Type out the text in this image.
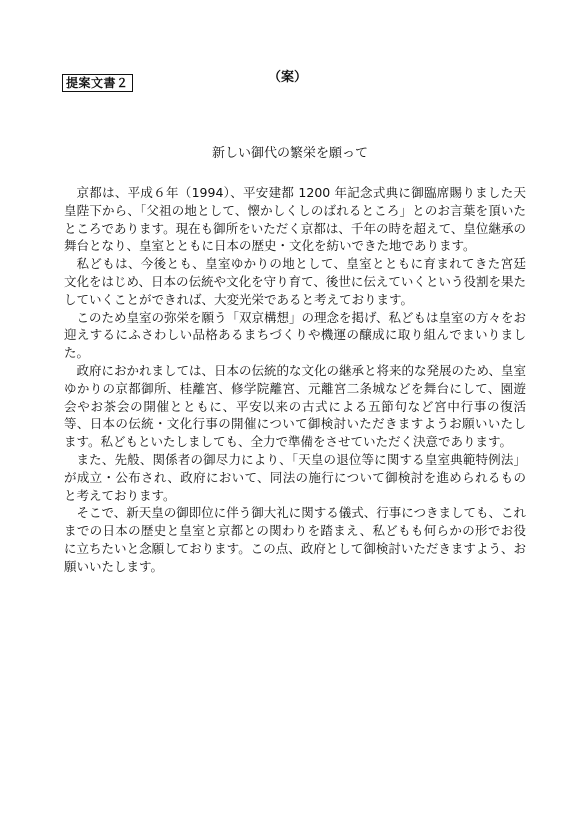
提案文書２	（案）
新しい御代の繁栄を願って

京都は、平成６年（1994）、平安建都 1200 年記念式典に御臨席賜りました天皇陛下から、「父祖の地として、懐かしくしのばれるところ」とのお言葉を頂いたところであります。現在も御所をいただく京都は、千年の時を超えて、皇位継承の舞台となり、皇室とともに日本の歴史・文化を紡いできた地であります。

私どもは、今後とも、皇室ゆかりの地として、皇室とともに育まれてきた宮廷文化をはじめ、日本の伝統や文化を守り育て、後世に伝えていくという役割を果たしていくことができれば、大変光栄であると考えております。

このため皇室の弥栄を願う「双京構想」の理念を掲げ、私どもは皇室の方々をお迎えするにふさわしい品格あるまちづくりや機運の醸成に取り組んでまいりました。

政府におかれましては、日本の伝統的な文化の継承と将来的な発展のため、皇室ゆかりの京都御所、桂離宮、修学院離宮、元離宮二条城などを舞台にして、園遊会やお茶会の開催とともに、平安以来の古式による五節句など宮中行事の復活等、日本の伝統・文化行事の開催について御検討いただきますようお願いいたします。私どもといたしましても、全力で準備をさせていただく決意であります。

また、先般、関係者の御尽力により、「天皇の退位等に関する皇室典範特例法」が成立・公布され、政府において、同法の施行について御検討を進められるものと考えております。

そこで、新天皇の御即位に伴う御大礼に関する儀式、行事につきましても、これまでの日本の歴史と皇室と京都との関わりを踏まえ、私どもも何らかの形でお役に立ちたいと念願しております。この点、政府として御検討いただきますよう、お願いいたします。
